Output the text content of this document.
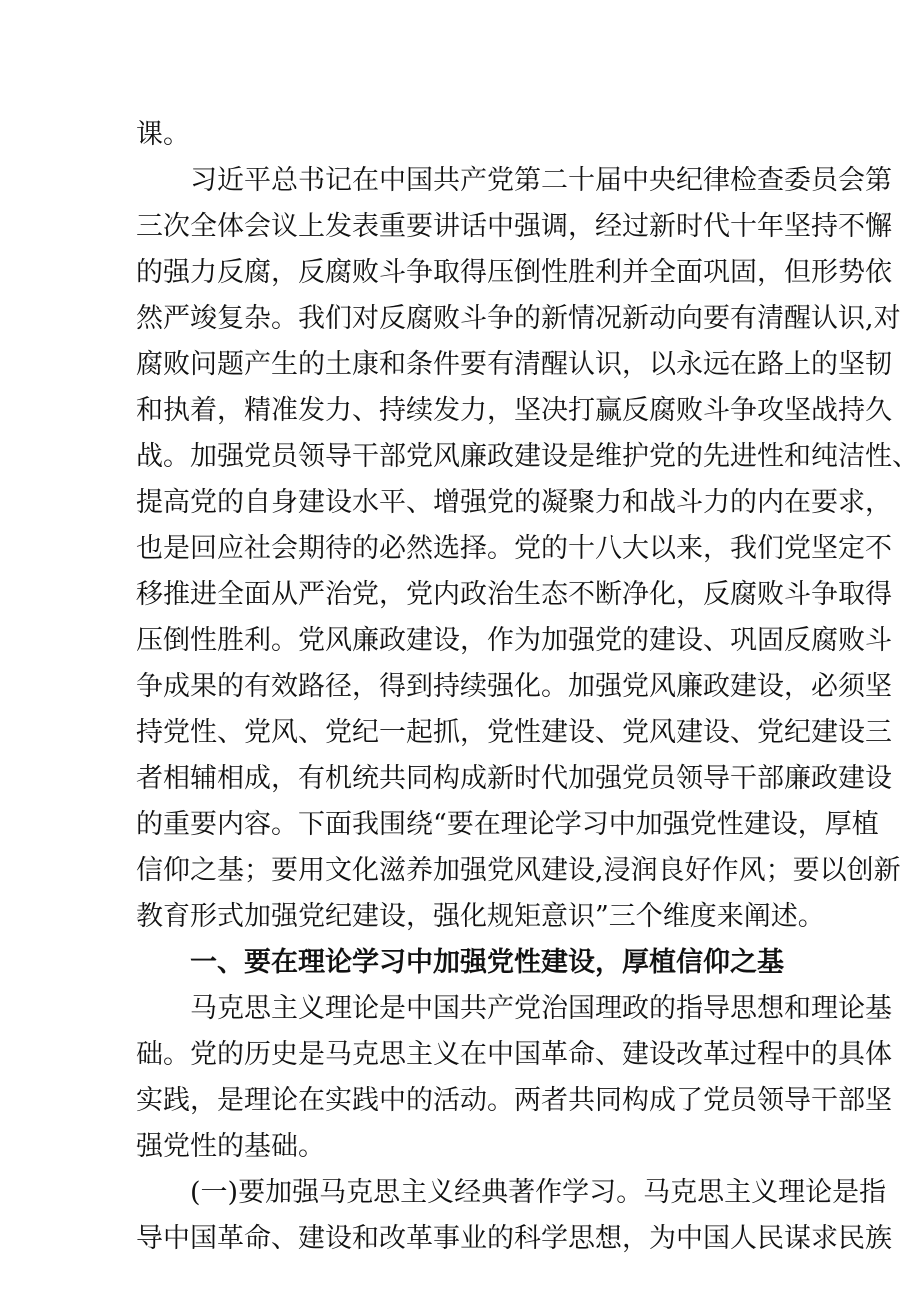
课。
习近平总书记在中国共产党第二十届中央纪律检查委员会第
三次全体会议上发表重要讲话中强调，经过新时代十年坚持不懈
的强力反腐，反腐败斗争取得压倒性胜利并全面巩固，但形势依
然严竣复杂。我们对反腐败斗争的新情况新动向要有清醒认识,对
腐败问题产生的土康和条件要有清醒认识，以永远在路上的坚韧
和执着，精准发力、持续发力，坚决打赢反腐败斗争攻坚战持久
战。加强党员领导干部党风廉政建设是维护党的先进性和纯洁性、
提高党的自身建设水平、增强党的凝聚力和战斗力的内在要求，
也是回应社会期待的必然选择。党的十八大以来，我们党坚定不
移推进全面从严治党，党内政治生态不断净化，反腐败斗争取得
压倒性胜利。党风廉政建设，作为加强党的建设、巩固反腐败斗
争成果的有效路径，得到持续强化。加强党风廉政建设，必须坚
持党性、党风、党纪一起抓，党性建设、党风建设、党纪建设三
者相辅相成，有机统共同构成新时代加强党员领导干部廉政建设
的重要内容。下面我围绕“要在理论学习中加强党性建设，厚植
信仰之基；要用文化滋养加强党风建设,浸润良好作风；要以创新
教育形式加强党纪建设，强化规矩意识”三个维度来阐述。
一、要在理论学习中加强党性建设，厚植信仰之基
马克思主义理论是中国共产党治国理政的指导思想和理论基
础。党的历史是马克思主义在中国革命、建设改革过程中的具体
实践，是理论在实践中的活动。两者共同构成了党员领导干部坚
强党性的基础。
(一)要加强马克思主义经典著作学习。马克思主义理论是指
导中国革命、建设和改革事业的科学思想，为中国人民谋求民族
